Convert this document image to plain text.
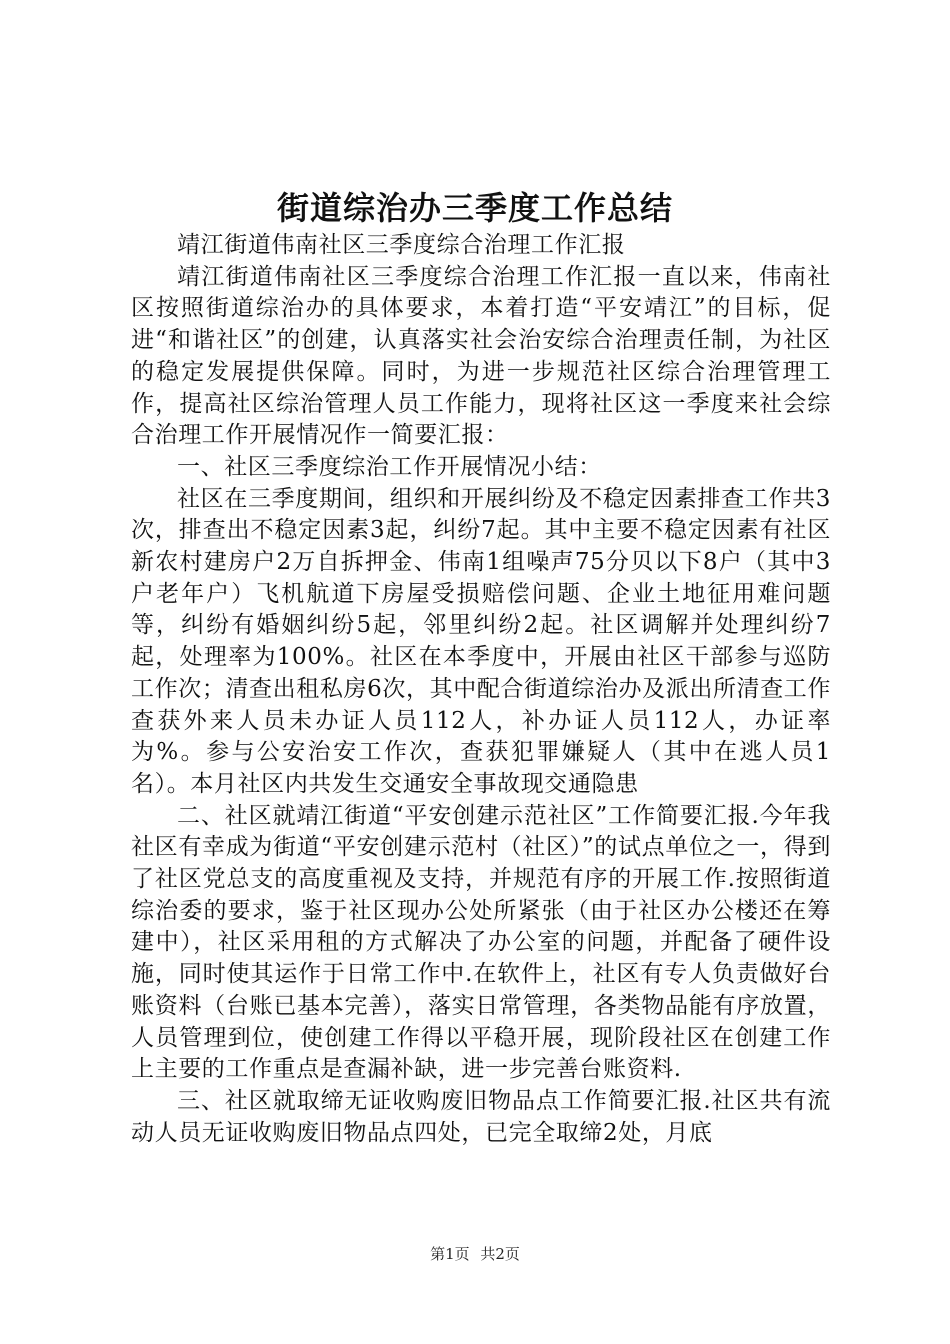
街道综治办三季度工作总结

靖江街道伟南社区三季度综合治理工作汇报

靖江街道伟南社区三季度综合治理工作汇报一直以来，伟南社区按照街道综治办的具体要求，本着打造“平安靖江”的目标，促进“和谐社区”的创建，认真落实社会治安综合治理责任制，为社区的稳定发展提供保障。同时，为进一步规范社区综合治理管理工作，提高社区综治管理人员工作能力，现将社区这一季度来社会综合治理工作开展情况作一简要汇报：

一、社区三季度综治工作开展情况小结：

社区在三季度期间，组织和开展纠纷及不稳定因素排查工作共3次，排查出不稳定因素3起，纠纷7起。其中主要不稳定因素有社区新农村建房户2万自拆押金、伟南1组噪声75分贝以下8户（其中3户老年户）飞机航道下房屋受损赔偿问题、企业土地征用难问题等，纠纷有婚姻纠纷5起，邻里纠纷2起。社区调解并处理纠纷7起，处理率为100%。社区在本季度中，开展由社区干部参与巡防工作次；清查出租私房6次，其中配合街道综治办及派出所清查工作查获外来人员未办证人员112人，补办证人员112人，办证率为%。参与公安治安工作次，查获犯罪嫌疑人（其中在逃人员1名）。本月社区内共发生交通安全事故现交通隐患

二、社区就靖江街道“平安创建示范社区”工作简要汇报.今年我社区有幸成为街道“平安创建示范村（社区）”的试点单位之一，得到了社区党总支的高度重视及支持，并规范有序的开展工作.按照街道综治委的要求，鉴于社区现办公处所紧张（由于社区办公楼还在筹建中），社区采用租的方式解决了办公室的问题，并配备了硬件设施，同时使其运作于日常工作中.在软件上，社区有专人负责做好台账资料（台账已基本完善），落实日常管理，各类物品能有序放置，人员管理到位，使创建工作得以平稳开展，现阶段社区在创建工作上主要的工作重点是查漏补缺，进一步完善台账资料.

三、社区就取缔无证收购废旧物品点工作简要汇报.社区共有流动人员无证收购废旧物品点四处，已完全取缔2处，月底

第1页 共2页
